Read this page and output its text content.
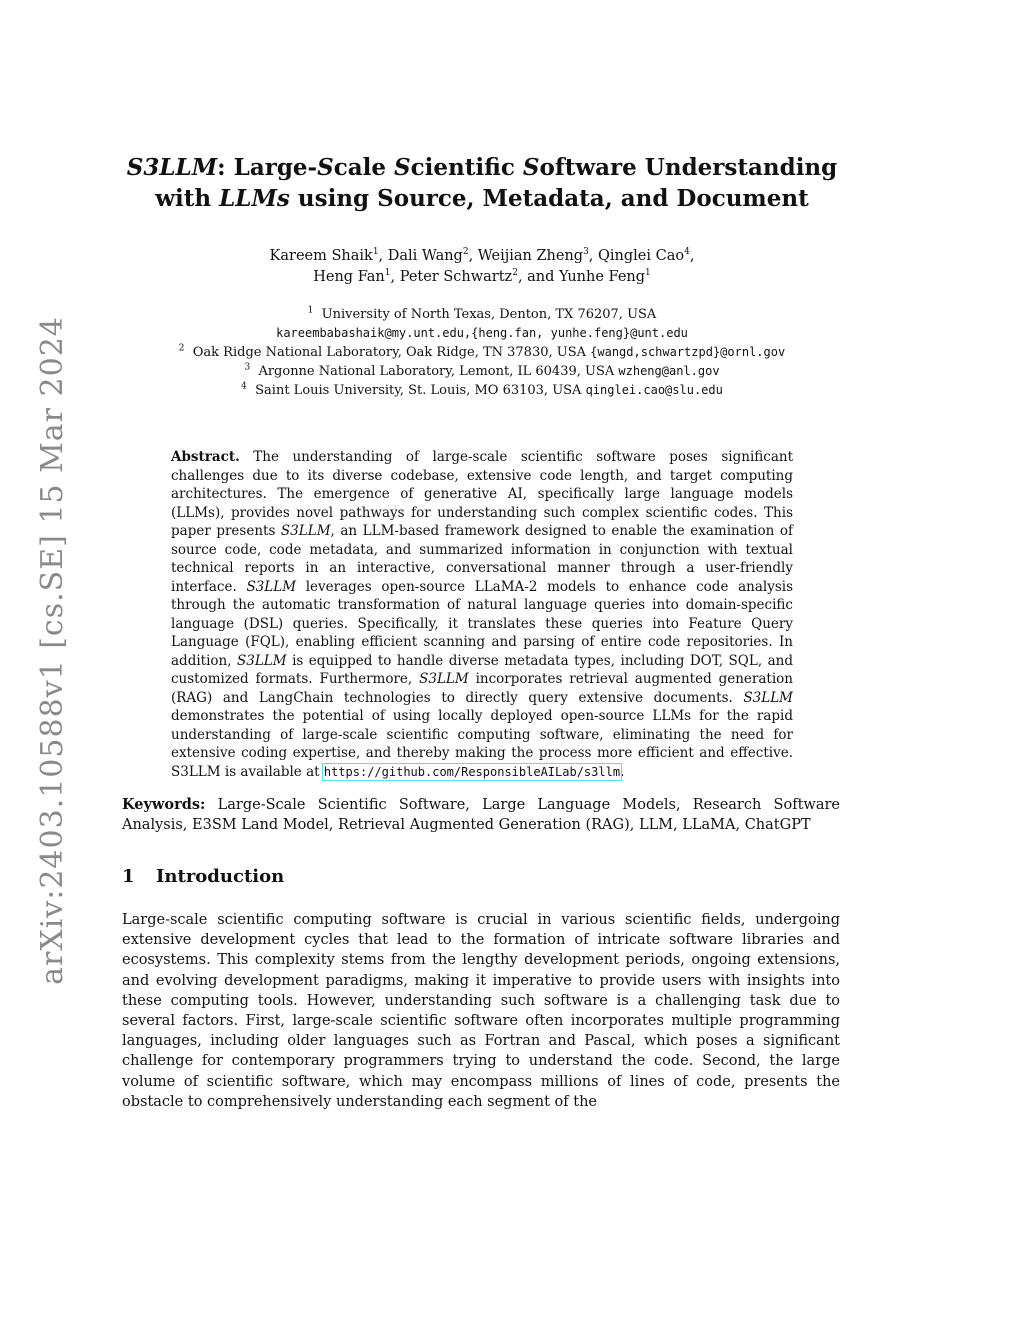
arXiv:2403.10588v1 [cs.SE] 15 Mar 2024
S3LLM: Large-Scale Scientific Software Understanding
with LLMs using Source, Metadata, and Document
Kareem Shaik$^1$, Dali Wang$^2$, Weijian Zheng$^3$, Qinglei Cao$^4$,
Heng Fan$^1$, Peter Schwartz$^2$, and Yunhe Feng$^1$
$^1$ University of North Texas, Denton, TX 76207, USA
kareembabashaik@my.unt.edu,{heng.fan, yunhe.feng}@unt.edu
$^2$ Oak Ridge National Laboratory, Oak Ridge, TN 37830, USA {wangd,schwartzpd}@ornl.gov
$^3$ Argonne National Laboratory, Lemont, IL 60439, USA wzheng@anl.gov
$^4$ Saint Louis University, St. Louis, MO 63103, USA qinglei.cao@slu.edu

Abstract. The understanding of large-scale scientific software poses significant challenges due to its diverse codebase, extensive code length, and target computing architectures. The emergence of generative AI, specifically large language models (LLMs), provides novel pathways for understanding such complex scientific codes. This paper presents S3LLM, an LLM-based framework designed to enable the examination of source code, code metadata, and summarized information in conjunction with textual technical reports in an interactive, conversational manner through a user-friendly interface. S3LLM leverages open-source LLaMA-2 models to enhance code analysis through the automatic transformation of natural language queries into domain-specific language (DSL) queries. Specifically, it translates these queries into Feature Query Language (FQL), enabling efficient scanning and parsing of entire code repositories. In addition, S3LLM is equipped to handle diverse metadata types, including DOT, SQL, and customized formats. Furthermore, S3LLM incorporates retrieval augmented generation (RAG) and LangChain technologies to directly query extensive documents. S3LLM demonstrates the potential of using locally deployed open-source LLMs for the rapid understanding of large-scale scientific computing software, eliminating the need for extensive coding expertise, and thereby making the process more efficient and effective. S3LLM is available at https://github.com/ResponsibleAILab/s3llm.

Keywords: Large-Scale Scientific Software, Large Language Models, Research Software Analysis, E3SM Land Model, Retrieval Augmented Generation (RAG), LLM, LLaMA, ChatGPT

1 Introduction

Large-scale scientific computing software is crucial in various scientific fields, undergoing extensive development cycles that lead to the formation of intricate software libraries and ecosystems. This complexity stems from the lengthy development periods, ongoing extensions, and evolving development paradigms, making it imperative to provide users with insights into these computing tools. However, understanding such software is a challenging task due to several factors. First, large-scale scientific software often incorporates multiple programming languages, including older languages such as Fortran and Pascal, which poses a significant challenge for contemporary programmers trying to understand the code. Second, the large volume of scientific software, which may encompass millions of lines of code, presents the obstacle to comprehensively understanding each segment of the
